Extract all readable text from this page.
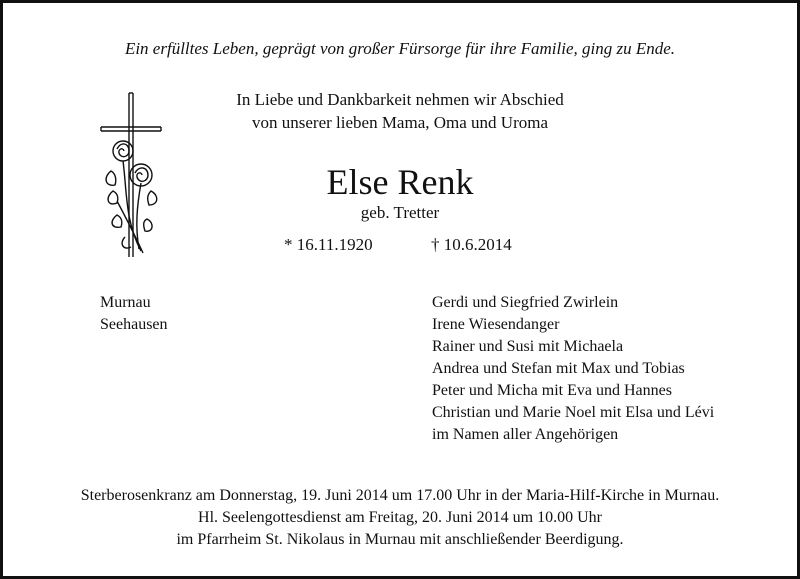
Ein erfülltes Leben, geprägt von großer Fürsorge für ihre Familie, ging zu Ende.
In Liebe und Dankbarkeit nehmen wir Abschied
von unserer lieben Mama, Oma und Uroma
Else Renk
geb. Tretter
* 16.11.1920	† 10.6.2014
Murnau
Seehausen
Gerdi und Siegfried Zwirlein
Irene Wiesendanger
Rainer und Susi mit Michaela
Andrea und Stefan mit Max und Tobias
Peter und Micha mit Eva und Hannes
Christian und Marie Noel mit Elsa und Lévi
im Namen aller Angehörigen
Sterberosenkranz am Donnerstag, 19. Juni 2014 um 17.00 Uhr in der Maria-Hilf-Kirche in Murnau.
Hl. Seelengottesdienst am Freitag, 20. Juni 2014 um 10.00 Uhr
im Pfarrheim St. Nikolaus in Murnau mit anschließender Beerdigung.
